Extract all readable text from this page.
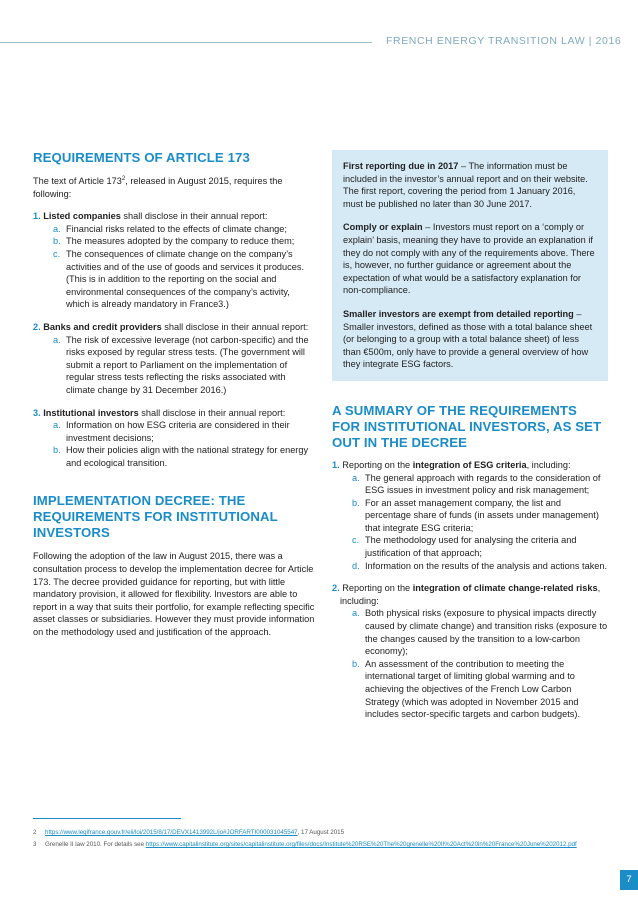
FRENCH ENERGY TRANSITION LAW | 2016
REQUIREMENTS OF ARTICLE 173

The text of Article $173^2$, released in August 2015, requires the following:

1. Listed companies shall disclose in their annual report:

a. Financial risks related to the effects of climate change;
b. The measures adopted by the company to reduce them;
c. The consequences of climate change on the company’s activities and of the use of goods and services it produces. (This is in addition to the reporting on the social and environmental consequences of the company’s activity, which is already mandatory in France3.)

2. Banks and credit providers shall disclose in their annual report:

a. The risk of excessive leverage (not carbon-specific) and the risks exposed by regular stress tests. (The government will submit a report to Parliament on the implementation of regular stress tests reflecting the risks associated with climate change by 31 December 2016.)

3. Institutional investors shall disclose in their annual report:

a. Information on how ESG criteria are considered in their investment decisions;
b. How their policies align with the national strategy for energy and ecological transition.
IMPLEMENTATION DECREE: THE REQUIREMENTS FOR INSTITUTIONAL INVESTORS

Following the adoption of the law in August 2015, there was a consultation process to develop the implementation decree for Article 173. The decree provided guidance for reporting, but with little mandatory provision, it allowed for flexibility. Investors are able to report in a way that suits their portfolio, for example reflecting specific asset classes or subsidiaries. However they must provide information on the methodology used and justification of the approach.

First reporting due in 2017 – The information must be included in the investor’s annual report and on their website. The first report, covering the period from 1 January 2016, must be published no later than 30 June 2017.

Comply or explain – Investors must report on a ‘comply or explain’ basis, meaning they have to provide an explanation if they do not comply with any of the requirements above. There is, however, no further guidance or agreement about the expectation of what would be a satisfactory explanation for non-compliance.

Smaller investors are exempt from detailed reporting – Smaller investors, defined as those with a total balance sheet (or belonging to a group with a total balance sheet) of less than €500m, only have to provide a general overview of how they integrate ESG factors.

A SUMMARY OF THE REQUIREMENTS FOR INSTITUTIONAL INVESTORS, AS SET OUT IN THE DECREE

1. Reporting on the integration of ESG criteria, including:

a. The general approach with regards to the consideration of ESG issues in investment policy and risk management;
b. For an asset management company, the list and percentage share of funds (in assets under management) that integrate ESG criteria;
c. The methodology used for analysing the criteria and justification of that approach;
d. Information on the results of the analysis and actions taken.

2. Reporting on the integration of climate change-related risks, including:

a. Both physical risks (exposure to physical impacts directly caused by climate change) and transition risks (exposure to the changes caused by the transition to a low-carbon economy);
b. An assessment of the contribution to meeting the international target of limiting global warming and to achieving the objectives of the French Low Carbon Strategy (which was adopted in November 2015 and includes sector-specific targets and carbon budgets).
2	https://www.legifrance.gouv.fr/eli/loi/2015/8/17/DEVX1413992L/jo#JORFARTI000031045547, 17 August 2015
3	Grenelle II law 2010. For details see https://www.capitalinstitute.org/sites/capitalinstitute.org/files/docs/Institute%20RSE%20The%20grenelle%20II%20Act%20in%20France%20June%202012.pdf
7
